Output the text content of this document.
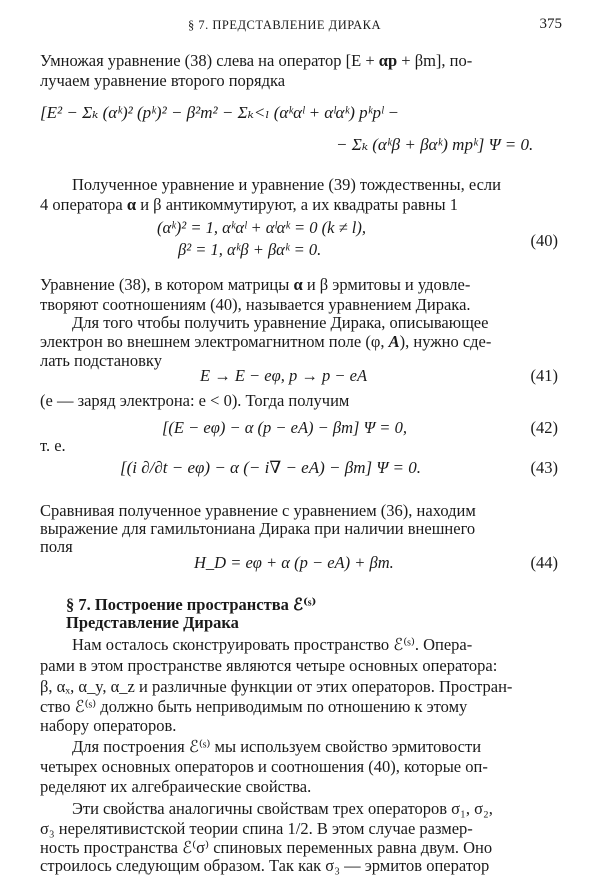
§ 7. ПРЕДСТАВЛЕНИЕ ДИРАКА	375
Умножая уравнение (38) слева на оператор [E + αp + βm], по-
лучаем уравнение второго порядка
[E² − Σₖ (αᵏ)² (pᵏ)² − β²m² − Σₖ<ₗ (αᵏαˡ + αˡαᵏ) pᵏpˡ −
− Σₖ (αᵏβ + βαᵏ) mpᵏ] Ψ = 0.
Полученное уравнение и уравнение (39) тождественны, если
4 оператора α и β антикоммутируют, а их квадраты равны 1
(αᵏ)² = 1, αᵏαˡ + αˡαᵏ = 0 (k ≠ l),
β² = 1, αᵏβ + βαᵏ = 0.	(40)
Уравнение (38), в котором матрицы α и β эрмитовы и удовле-
творяют соотношениям (40), называется уравнением Дирака.
Для того чтобы получить уравнение Дирака, описывающее
электрон во внешнем электромагнитном поле (φ, A), нужно сде-
лать подстановку
E → E − eφ, p → p − eA	(41)
(e — заряд электрона: e < 0). Тогда получим
[(E − eφ) − α (p − eA) − βm] Ψ = 0,	(42)
т. е.
[(i ∂/∂t − eφ) − α (− i∇ − eA) − βm] Ψ = 0.	(43)
Сравнивая полученное уравнение с уравнением (36), находим
выражение для гамильтониана Дирака при наличии внешнего
поля
H_D = eφ + α (p − eA) + βm.	(44)
§ 7. Построение пространства ℰ⁽ˢ⁾
Представление Дирака
Нам осталось сконструировать пространство ℰ⁽ˢ⁾. Опера-
рами в этом пространстве являются четыре основных оператора:
β, αₓ, α_y, α_z и различные функции от этих операторов. Простран-
ство ℰ⁽ˢ⁾ должно быть неприводимым по отношению к этому
набору операторов.
Для построения ℰ⁽ˢ⁾ мы используем свойство эрмитовости
четырех основных операторов и соотношения (40), которые оп-
ределяют их алгебраические свойства.
Эти свойства аналогичны свойствам трех операторов σ₁, σ₂,
σ₃ нерелятивистской теории спина 1/2. В этом случае размер-
ность пространства ℰ⁽σ⁾ спиновых переменных равна двум. Оно
строилось следующим образом. Так как σ₃ — эрмитов оператор
